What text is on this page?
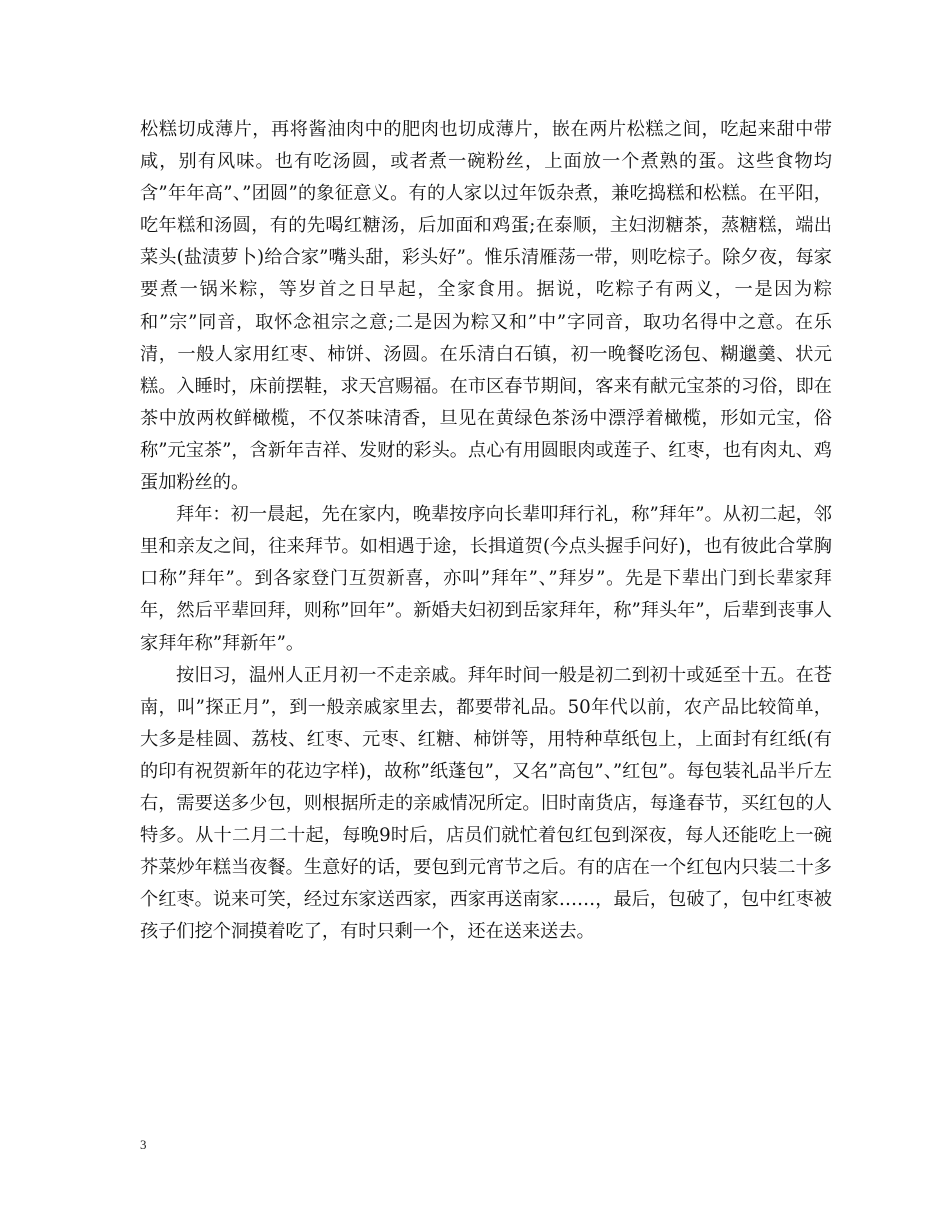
松糕切成薄片，再将酱油肉中的肥肉也切成薄片，嵌在两片松糕之间，吃起来甜中带咸，别有风味。也有吃汤圆，或者煮一碗粉丝，上面放一个煮熟的蛋。这些食物均含”年年高”、”团圆”的象征意义。有的人家以过年饭杂煮，兼吃捣糕和松糕。在平阳，吃年糕和汤圆，有的先喝红糖汤，后加面和鸡蛋;在泰顺，主妇沏糖茶，蒸糖糕，端出菜头(盐渍萝卜)给合家”嘴头甜，彩头好”。惟乐清雁荡一带，则吃棕子。除夕夜，每家要煮一锅米粽，等岁首之日早起，全家食用。据说，吃粽子有两义，一是因为粽和”宗”同音，取怀念祖宗之意;二是因为粽又和”中”字同音，取功名得中之意。在乐清，一般人家用红枣、柿饼、汤圆。在乐清白石镇，初一晚餐吃汤包、糊邋羹、状元糕。入睡时，床前摆鞋，求天宫赐福。在市区春节期间，客来有献元宝茶的习俗，即在茶中放两枚鲜橄榄，不仅茶味清香，旦见在黄绿色茶汤中漂浮着橄榄，形如元宝，俗称”元宝茶”，含新年吉祥、发财的彩头。点心有用圆眼肉或莲子、红枣，也有肉丸、鸡蛋加粉丝的。

拜年：初一晨起，先在家内，晚辈按序向长辈叩拜行礼，称”拜年”。从初二起，邻里和亲友之间，往来拜节。如相遇于途，长揖道贺(今点头握手问好)，也有彼此合掌胸口称”拜年”。到各家登门互贺新喜，亦叫”拜年”、”拜岁”。先是下辈出门到长辈家拜年，然后平辈回拜，则称”回年”。新婚夫妇初到岳家拜年，称”拜头年”，后辈到丧事人家拜年称”拜新年”。

按旧习，温州人正月初一不走亲戚。拜年时间一般是初二到初十或延至十五。在苍南，叫”探正月”，到一般亲戚家里去，都要带礼品。50年代以前，农产品比较简单，大多是桂圆、荔枝、红枣、元枣、红糖、柿饼等，用特种草纸包上，上面封有红纸(有的印有祝贺新年的花边字样)，故称”纸蓬包”，又名”高包”、”红包”。每包装礼品半斤左右，需要送多少包，则根据所走的亲戚情况所定。旧时南货店，每逢春节，买红包的人特多。从十二月二十起，每晚9时后，店员们就忙着包红包到深夜，每人还能吃上一碗芥菜炒年糕当夜餐。生意好的话，要包到元宵节之后。有的店在一个红包内只装二十多个红枣。说来可笑，经过东家送西家，西家再送南家……，最后，包破了，包中红枣被孩子们挖个洞摸着吃了，有时只剩一个，还在送来送去。

3
